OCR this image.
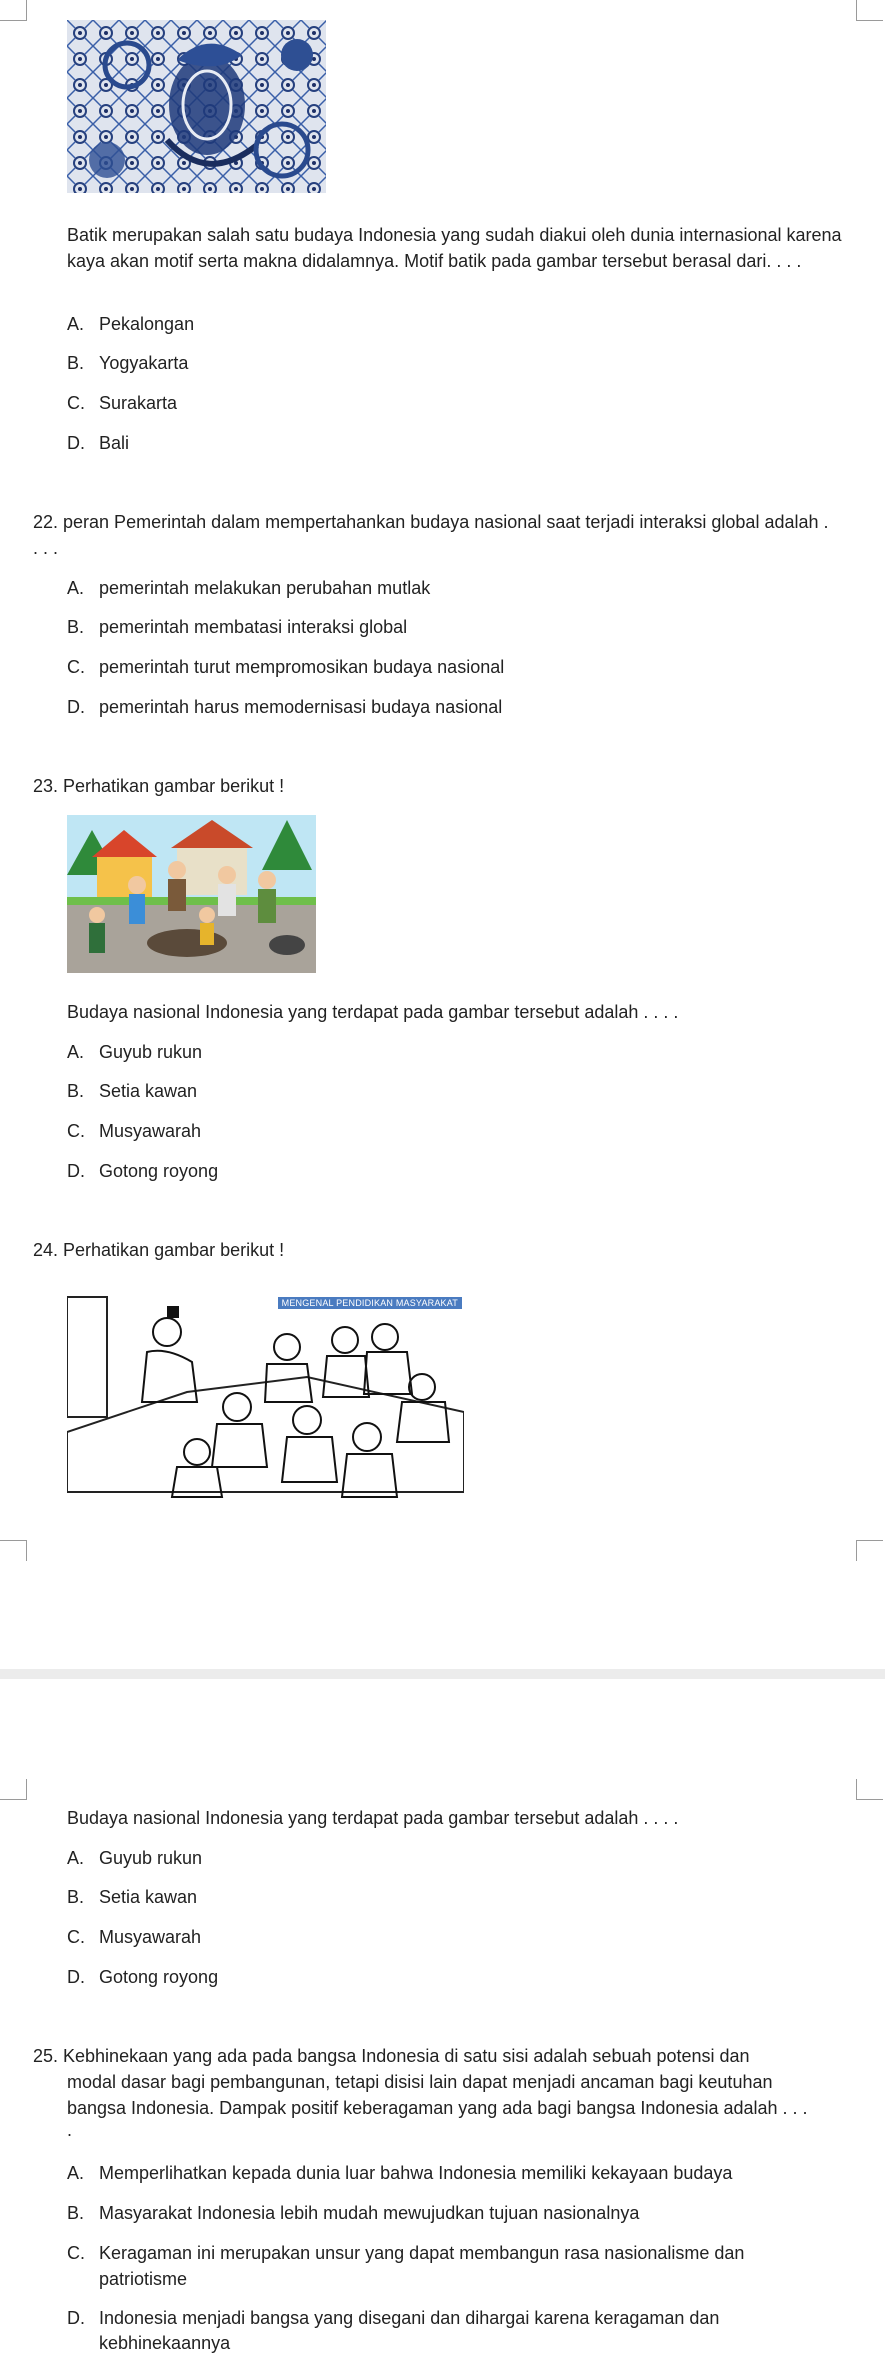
Batik merupakan salah satu budaya Indonesia yang sudah diakui oleh dunia internasional karena kaya akan motif serta makna didalamnya. Motif batik pada gambar tersebut berasal dari. . . .
A. Pekalongan
B. Yogyakarta
C. Surakarta
D. Bali
22. peran Pemerintah dalam mempertahankan budaya nasional saat terjadi interaksi global adalah . . . .
A. pemerintah melakukan perubahan mutlak
B. pemerintah membatasi interaksi global
C. pemerintah turut mempromosikan budaya nasional
D. pemerintah harus memodernisasi budaya nasional
23. Perhatikan gambar berikut !
Budaya nasional Indonesia yang terdapat pada gambar tersebut adalah . . . .
A. Guyub rukun
B. Setia kawan
C. Musyawarah
D. Gotong royong
24. Perhatikan gambar berikut !
MENGENAL PENDIDIKAN MASYARAKAT
Budaya nasional Indonesia yang terdapat pada gambar tersebut adalah . . . .
A. Guyub rukun
B. Setia kawan
C. Musyawarah
D. Gotong royong
25. Kebhinekaan yang ada pada bangsa Indonesia di satu sisi adalah sebuah potensi dan
modal dasar bagi pembangunan, tetapi disisi lain dapat menjadi ancaman bagi keutuhan
bangsa Indonesia. Dampak positif keberagaman yang ada bagi bangsa Indonesia adalah . . .
.
A. Memperlihatkan kepada dunia luar bahwa Indonesia memiliki kekayaan budaya
B. Masyarakat Indonesia lebih mudah mewujudkan tujuan nasionalnya
C. Keragaman ini merupakan unsur yang dapat membangun rasa nasionalisme dan
patriotisme
D. Indonesia menjadi bangsa yang disegani dan dihargai karena keragaman dan
kebhinekaannya
